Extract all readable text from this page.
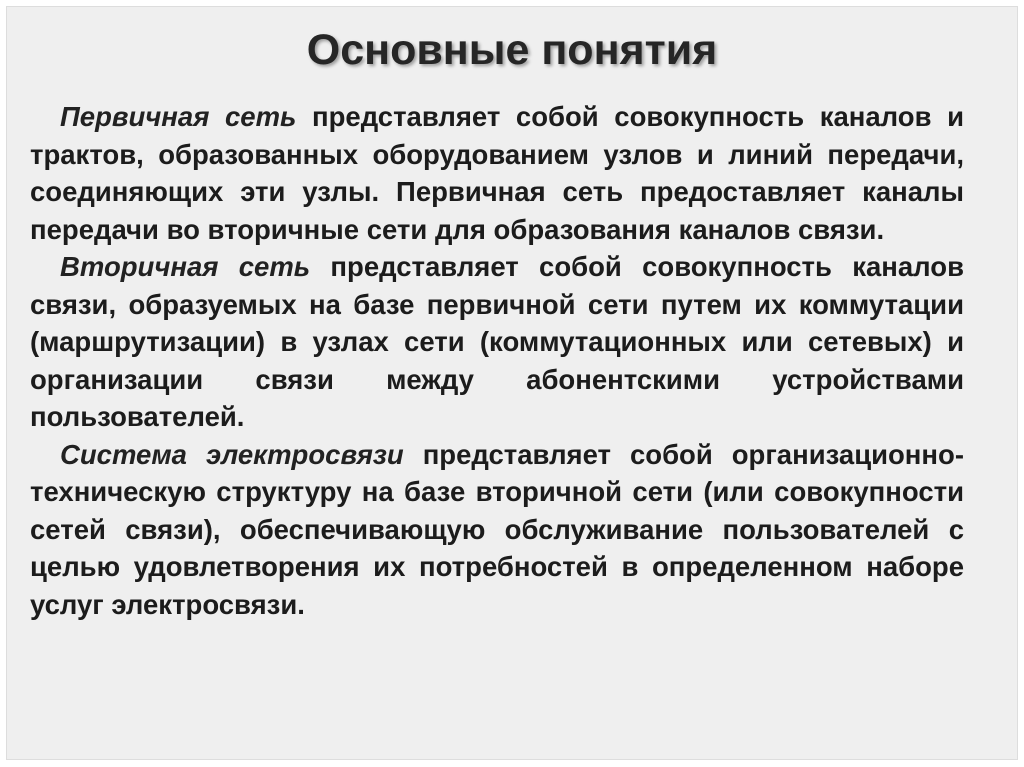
Основные понятия

Первичная сеть представляет собой совокупность каналов и трактов, образованных оборудованием узлов и линий передачи, соединяющих эти узлы. Первичная сеть предоставляет каналы передачи во вторичные сети для образования каналов связи.

Вторичная сеть представляет собой совокупность каналов связи, образуемых на базе первичной сети путем их коммутации (маршрутизации) в узлах сети (коммутационных или сетевых) и организации связи между абонентскими устройствами пользователей.

Система электросвязи представляет собой организационно-техническую структуру на базе вторичной сети (или совокупности сетей связи), обеспечивающую обслуживание пользователей с целью удовлетворения их потребностей в определенном наборе услуг электросвязи.
